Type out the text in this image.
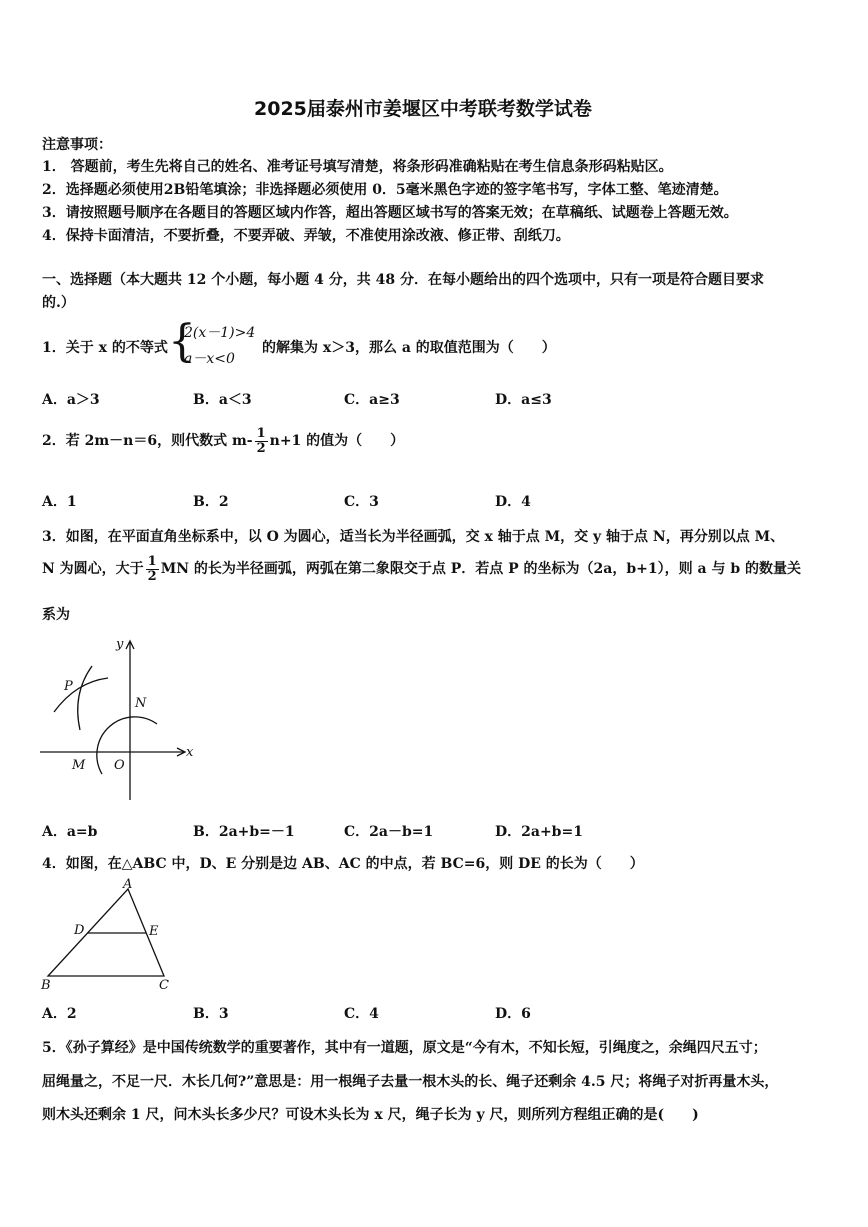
2025届泰州市姜堰区中考联考数学试卷
注意事项：
1． 答题前，考生先将自己的姓名、准考证号填写清楚，将条形码准确粘贴在考生信息条形码粘贴区。
2．选择题必须使用2B铅笔填涂；非选择题必须使用 0．5毫米黑色字迹的签字笔书写，字体工整、笔迹清楚。
3．请按照题号顺序在各题目的答题区域内作答，超出答题区域书写的答案无效；在草稿纸、试题卷上答题无效。
4．保持卡面清洁，不要折叠，不要弄破、弄皱，不准使用涂改液、修正带、刮纸刀。
一、选择题（本大题共 12 个小题，每小题 4 分，共 48 分．在每小题给出的四个选项中，只有一项是符合题目要求
的.）
1．关于 x 的不等式 {
2(x－1)>4
a－x<0
的解集为 x＞3，那么 a 的取值范围为（　　）
A．a＞3	B．a＜3	C．a≥3	D．a≤3
2．若 2m－n＝6，则代数式 $m- \frac{1}{2} n+1$ 的值为（　　）
A．1	B．2	C．3	D．4
3．如图，在平面直角坐标系中，以 O 为圆心，适当长为半径画弧，交 x 轴于点 M，交 y 轴于点 N，再分别以点 M、
N 为圆心，大于 $\frac{1}{2}$ MN 的长为半径画弧，两弧在第二象限交于点 P．若点 P 的坐标为（2a，b+1），则 a 与 b 的数量关
系为
y
x
P
N
M O
A．a=b	B．2a+b=－1	C．2a－b=1	D．2a+b=1
4．如图，在△ABC 中，D、E 分别是边 AB、AC 的中点，若 BC=6，则 DE 的长为（　　）
A
D	E
B	C
A．2	B．3	C．4	D．6
5．《孙子算经》是中国传统数学的重要著作，其中有一道题，原文是“今有木，不知长短，引绳度之，余绳四尺五寸；
屈绳量之，不足一尺．木长几何?”意思是：用一根绳子去量一根木头的长、绳子还剩余 4.5 尺；将绳子对折再量木头，
则木头还剩余 1 尺，问木头长多少尺？可设木头长为 x 尺，绳子长为 y 尺，则所列方程组正确的是(　　)
